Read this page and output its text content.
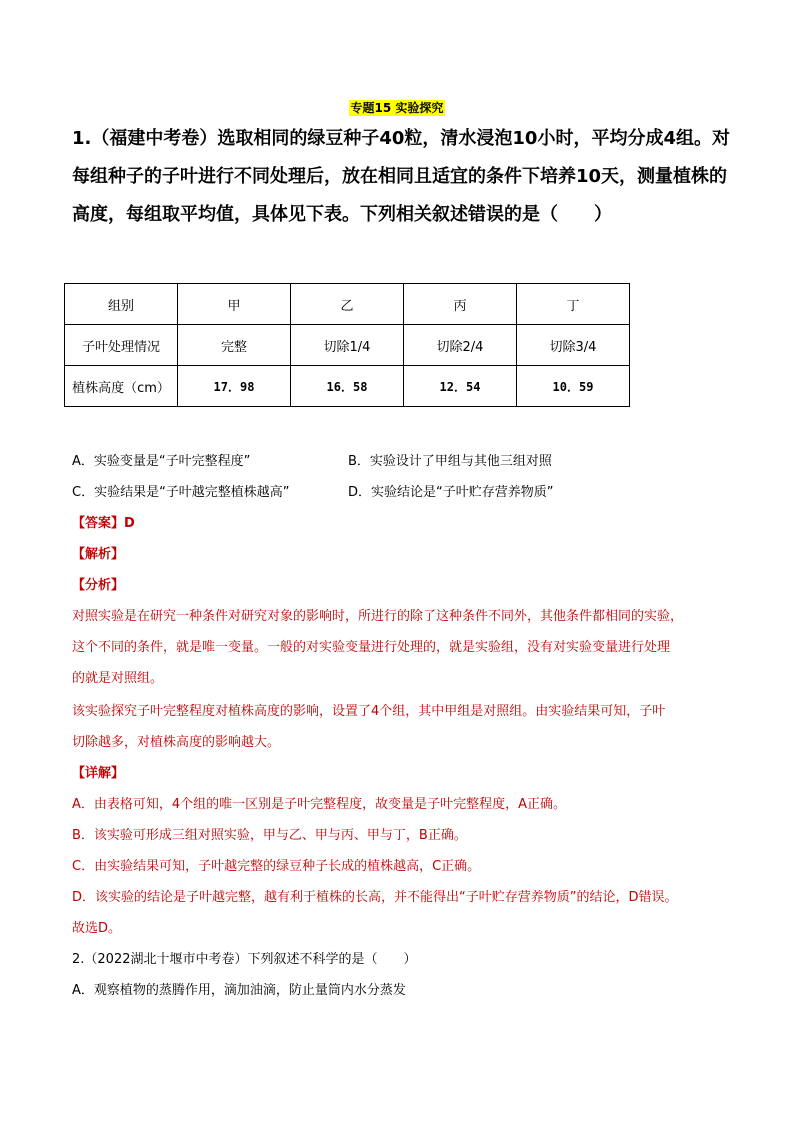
专题15 实验探究
1.（福建中考卷）选取相同的绿豆种子40粒，清水浸泡10小时，平均分成4组。对每组种子的子叶进行不同处理后，放在相同且适宜的条件下培养10天，测量植株的高度，每组取平均值，具体见下表。下列相关叙述错误的是（　　）
组别	甲	乙	丙	丁
子叶处理情况	完整	切除1/4	切除2/4	切除3/4
植株高度（cm）	17．98	16．58	12．54	10．59
A．实验变量是“子叶完整程度”	B．实验设计了甲组与其他三组对照
C．实验结果是“子叶越完整植株越高”	D．实验结论是“子叶贮存营养物质”
【答案】D
【解析】
【分析】
对照实验是在研究一种条件对研究对象的影响时，所进行的除了这种条件不同外，其他条件都相同的实验，
这个不同的条件，就是唯一变量。一般的对实验变量进行处理的，就是实验组，没有对实验变量进行处理
的就是对照组。
该实验探究子叶完整程度对植株高度的影响，设置了4个组，其中甲组是对照组。由实验结果可知，子叶
切除越多，对植株高度的影响越大。
【详解】
A．由表格可知，4个组的唯一区别是子叶完整程度，故变量是子叶完整程度，A正确。
B．该实验可形成三组对照实验，甲与乙、甲与丙、甲与丁，B正确。
C．由实验结果可知，子叶越完整的绿豆种子长成的植株越高，C正确。
D．该实验的结论是子叶越完整，越有利于植株的长高，并不能得出“子叶贮存营养物质”的结论，D错误。
故选D。
2.（2022湖北十堰市中考卷）下列叙述不科学的是（　　）
A．观察植物的蒸腾作用，滴加油滴，防止量筒内水分蒸发
